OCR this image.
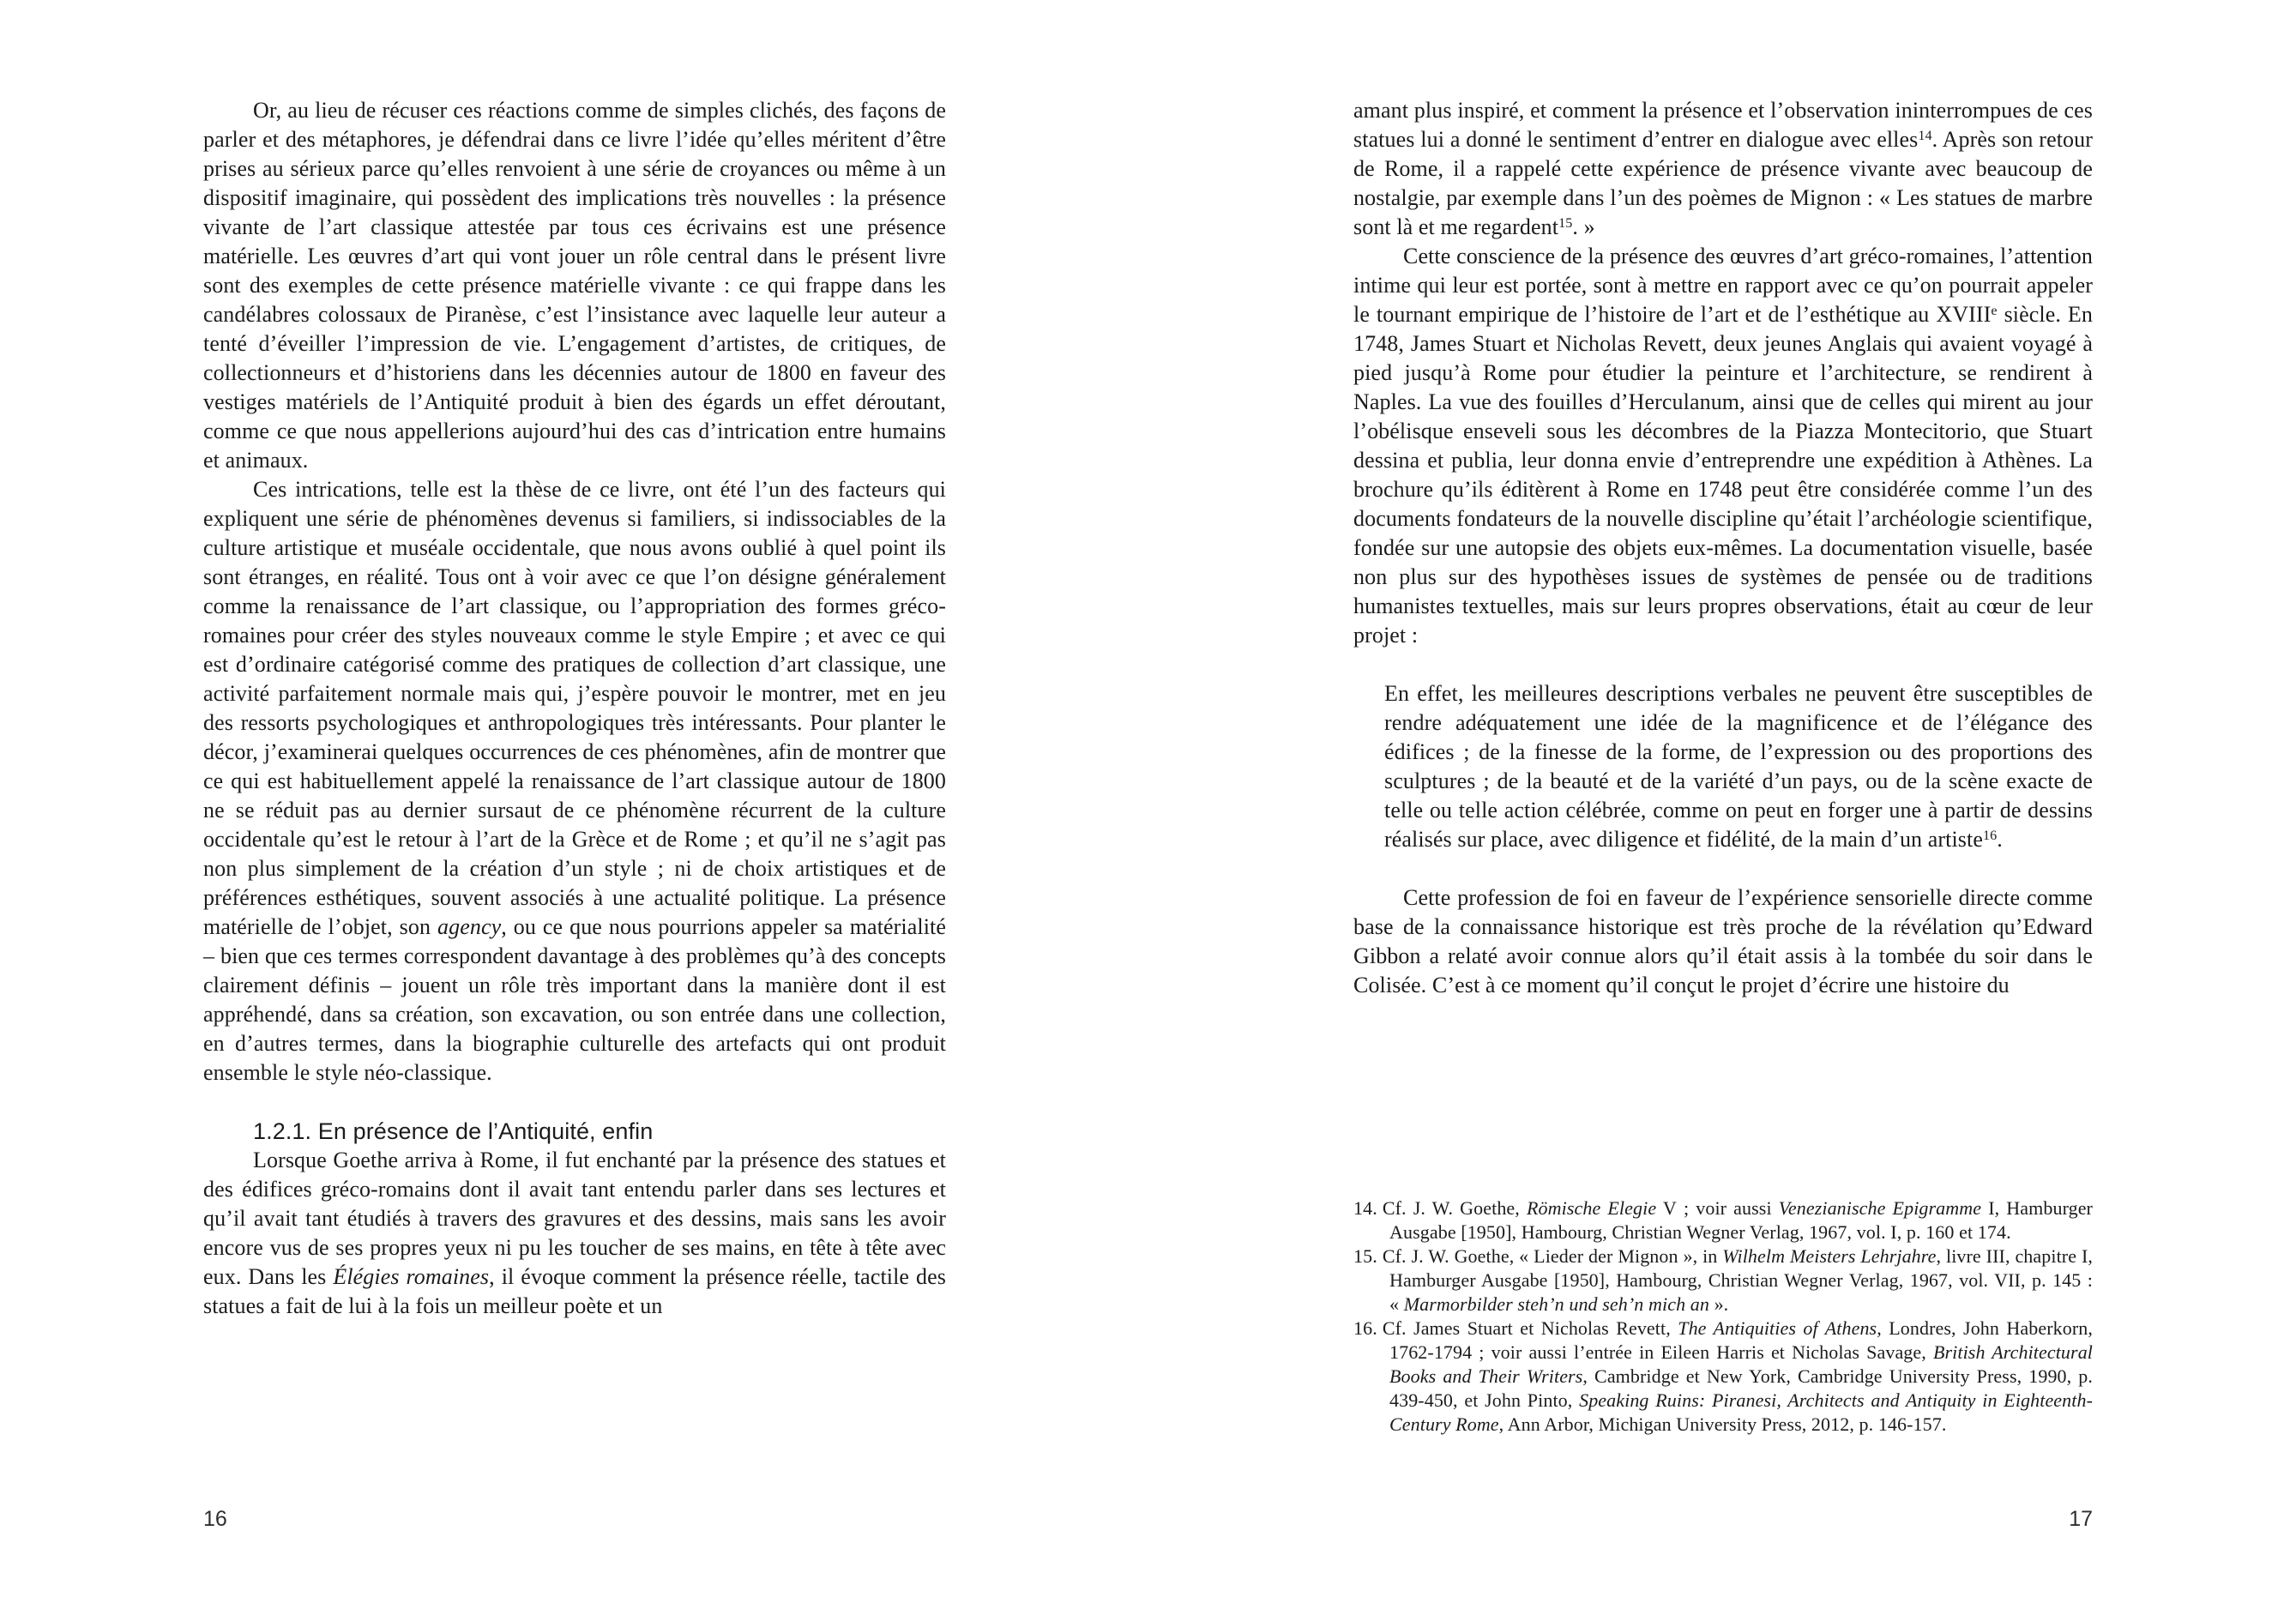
Or, au lieu de récuser ces réactions comme de simples clichés, des façons de parler et des métaphores, je défendrai dans ce livre l’idée qu’elles méritent d’être prises au sérieux parce qu’elles renvoient à une série de croyances ou même à un dispositif imaginaire, qui possèdent des implications très nouvelles : la présence vivante de l’art classique attestée par tous ces écrivains est une présence matérielle. Les œuvres d’art qui vont jouer un rôle central dans le présent livre sont des exemples de cette présence matérielle vivante : ce qui frappe dans les candélabres colossaux de Piranèse, c’est l’insistance avec laquelle leur auteur a tenté d’éveiller l’impression de vie. L’engagement d’artistes, de critiques, de collectionneurs et d’historiens dans les décennies autour de 1800 en faveur des vestiges matériels de l’Antiquité produit à bien des égards un effet déroutant, comme ce que nous appellerions aujourd’hui des cas d’intrication entre humains et animaux.

Ces intrications, telle est la thèse de ce livre, ont été l’un des facteurs qui expliquent une série de phénomènes devenus si familiers, si indissociables de la culture artistique et muséale occidentale, que nous avons oublié à quel point ils sont étranges, en réalité. Tous ont à voir avec ce que l’on désigne généralement comme la renaissance de l’art classique, ou l’appropriation des formes gréco-romaines pour créer des styles nouveaux comme le style Empire ; et avec ce qui est d’ordinaire catégorisé comme des pratiques de collection d’art classique, une activité parfaitement normale mais qui, j’espère pouvoir le montrer, met en jeu des ressorts psychologiques et anthropologiques très intéressants. Pour planter le décor, j’examinerai quelques occurrences de ces phénomènes, afin de montrer que ce qui est habituellement appelé la renaissance de l’art classique autour de 1800 ne se réduit pas au dernier sursaut de ce phénomène récurrent de la culture occidentale qu’est le retour à l’art de la Grèce et de Rome ; et qu’il ne s’agit pas non plus simplement de la création d’un style ; ni de choix artistiques et de préférences esthétiques, souvent associés à une actualité politique. La présence matérielle de l’objet, son agency, ou ce que nous pourrions appeler sa matérialité – bien que ces termes correspondent davantage à des problèmes qu’à des concepts clairement définis – jouent un rôle très important dans la manière dont il est appréhendé, dans sa création, son excavation, ou son entrée dans une collection, en d’autres termes, dans la biographie culturelle des artefacts qui ont produit ensemble le style néo-classique.

1.2.1. En présence de l’Antiquité, enfin

Lorsque Goethe arriva à Rome, il fut enchanté par la présence des statues et des édifices gréco-romains dont il avait tant entendu parler dans ses lectures et qu’il avait tant étudiés à travers des gravures et des dessins, mais sans les avoir encore vus de ses propres yeux ni pu les toucher de ses mains, en tête à tête avec eux. Dans les Élégies romaines, il évoque comment la présence réelle, tactile des statues a fait de lui à la fois un meilleur poète et un

16

amant plus inspiré, et comment la présence et l’observation ininterrompues de ces statues lui a donné le sentiment d’entrer en dialogue avec elles$^{14}$. Après son retour de Rome, il a rappelé cette expérience de présence vivante avec beaucoup de nostalgie, par exemple dans l’un des poèmes de Mignon : « Les statues de marbre sont là et me regardent$^{15}$. »

Cette conscience de la présence des œuvres d’art gréco-romaines, l’attention intime qui leur est portée, sont à mettre en rapport avec ce qu’on pourrait appeler le tournant empirique de l’histoire de l’art et de l’esthétique au XVIIIe siècle. En 1748, James Stuart et Nicholas Revett, deux jeunes Anglais qui avaient voyagé à pied jusqu’à Rome pour étudier la peinture et l’architecture, se rendirent à Naples. La vue des fouilles d’Herculanum, ainsi que de celles qui mirent au jour l’obélisque enseveli sous les décombres de la Piazza Montecitorio, que Stuart dessina et publia, leur donna envie d’entreprendre une expédition à Athènes. La brochure qu’ils éditèrent à Rome en 1748 peut être considérée comme l’un des documents fondateurs de la nouvelle discipline qu’était l’archéologie scientifique, fondée sur une autopsie des objets eux-mêmes. La documentation visuelle, basée non plus sur des hypothèses issues de systèmes de pensée ou de traditions humanistes textuelles, mais sur leurs propres observations, était au cœur de leur projet :

En effet, les meilleures descriptions verbales ne peuvent être susceptibles de rendre adéquatement une idée de la magnificence et de l’élégance des édifices ; de la finesse de la forme, de l’expression ou des proportions des sculptures ; de la beauté et de la variété d’un pays, ou de la scène exacte de telle ou telle action célébrée, comme on peut en forger une à partir de dessins réalisés sur place, avec diligence et fidélité, de la main d’un artiste$^{16}$.

Cette profession de foi en faveur de l’expérience sensorielle directe comme base de la connaissance historique est très proche de la révélation qu’Edward Gibbon a relaté avoir connue alors qu’il était assis à la tombée du soir dans le Colisée. C’est à ce moment qu’il conçut le projet d’écrire une histoire du

14. Cf. J. W. Goethe, Römische Elegie V ; voir aussi Venezianische Epigramme I, Hamburger Ausgabe [1950], Hambourg, Christian Wegner Verlag, 1967, vol. I, p. 160 et 174.

15. Cf. J. W. Goethe, « Lieder der Mignon », in Wilhelm Meisters Lehrjahre, livre III, chapitre I, Hamburger Ausgabe [1950], Hambourg, Christian Wegner Verlag, 1967, vol. VII, p. 145 : « Marmorbilder steh’n und seh’n mich an ».

16. Cf. James Stuart et Nicholas Revett, The Antiquities of Athens, Londres, John Haberkorn, 1762-1794 ; voir aussi l’entrée in Eileen Harris et Nicholas Savage, British Architectural Books and Their Writers, Cambridge et New York, Cambridge University Press, 1990, p. 439-450, et John Pinto, Speaking Ruins: Piranesi, Architects and Antiquity in Eighteenth-Century Rome, Ann Arbor, Michigan University Press, 2012, p. 146-157.

17
